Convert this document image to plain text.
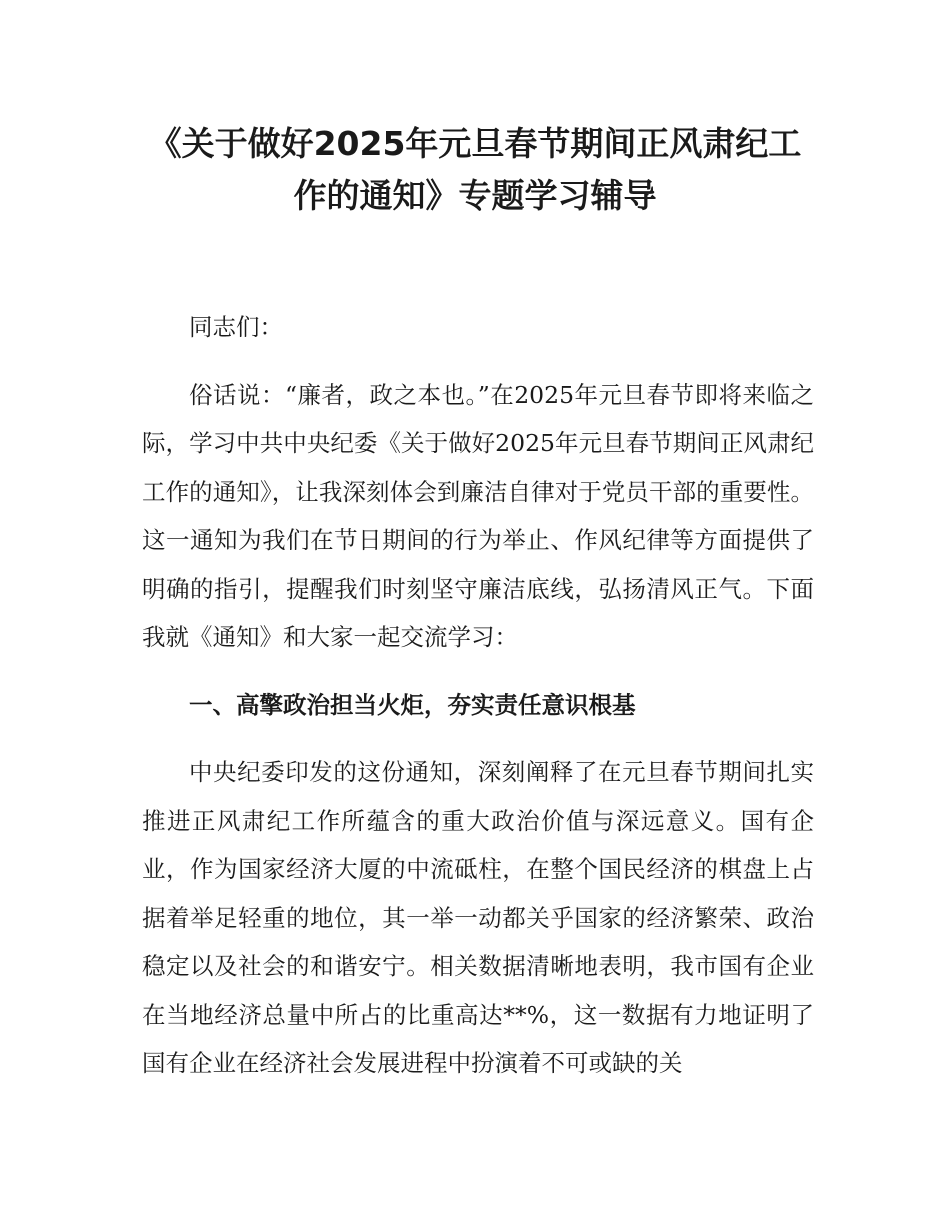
《关于做好2025年元旦春节期间正风肃纪工
作的通知》专题学习辅导

同志们：

俗话说：“廉者，政之本也。”在2025年元旦春节即将来临之际，学习中共中央纪委《关于做好2025年元旦春节期间正风肃纪工作的通知》，让我深刻体会到廉洁自律对于党员干部的重要性。这一通知为我们在节日期间的行为举止、作风纪律等方面提供了明确的指引，提醒我们时刻坚守廉洁底线，弘扬清风正气。下面我就《通知》和大家一起交流学习：

一、高擎政治担当火炬，夯实责任意识根基

中央纪委印发的这份通知，深刻阐释了在元旦春节期间扎实推进正风肃纪工作所蕴含的重大政治价值与深远意义。国有企业，作为国家经济大厦的中流砥柱，在整个国民经济的棋盘上占据着举足轻重的地位，其一举一动都关乎国家的经济繁荣、政治稳定以及社会的和谐安宁。相关数据清晰地表明，我市国有企业在当地经济总量中所占的比重高达**%，这一数据有力地证明了国有企业在经济社会发展进程中扮演着不可或缺的关
